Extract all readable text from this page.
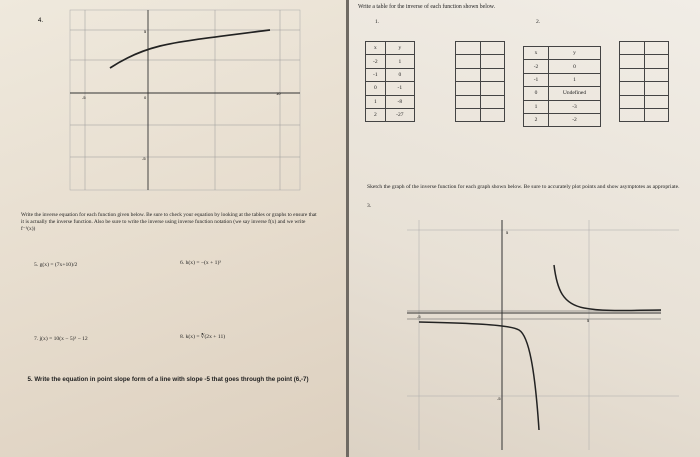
4.
5
-5	0
10
-5
Write the inverse equation for each function given below. Be sure to check your equation by looking at the tables or graphs to ensure that it is actually the inverse function. Also be sure to write the inverse using inverse function notation (we say inverse f(x) and we write f⁻¹(x))
5. g(x) = (7x+10)/2	6. h(x) = −(x + 1)³
7. j(x) = 10(x − 5)³ − 12	8. k(x) = ∛(2x + 11)
5. Write the equation in point slope form of a line with slope -5 that goes through the point (6,-7)
Write a table for the inverse of each function shown below.
1.	2.
x	y
-2	1
-1	0
0	-1
1	-8
2	-27

x	y
-2	0
-1	1
0	Undefined
1	-3
2	-2

Sketch the graph of the inverse function for each graph shown below. Be sure to accurately plot points and show asymptotes as appropriate.
3.
5
-5
5
-5
